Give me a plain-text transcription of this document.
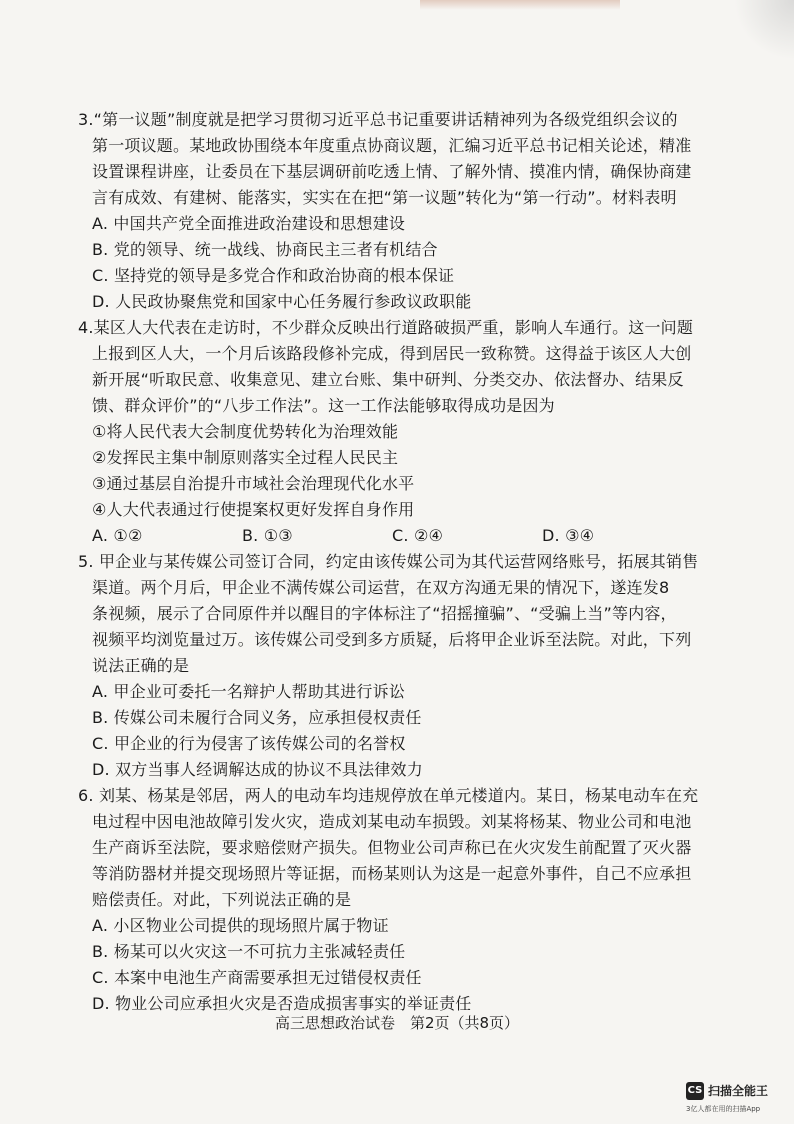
3.“第一议题”制度就是把学习贯彻习近平总书记重要讲话精神列为各级党组织会议的
第一项议题。某地政协围绕本年度重点协商议题，汇编习近平总书记相关论述，精准
设置课程讲座，让委员在下基层调研前吃透上情、了解外情、摸准内情，确保协商建
言有成效、有建树、能落实，实实在在把“第一议题”转化为“第一行动”。材料表明
A. 中国共产党全面推进政治建设和思想建设
B. 党的领导、统一战线、协商民主三者有机结合
C. 坚持党的领导是多党合作和政治协商的根本保证
D. 人民政协聚焦党和国家中心任务履行参政议政职能
4.某区人大代表在走访时，不少群众反映出行道路破损严重，影响人车通行。这一问题
上报到区人大，一个月后该路段修补完成，得到居民一致称赞。这得益于该区人大创
新开展“听取民意、收集意见、建立台账、集中研判、分类交办、依法督办、结果反
馈、群众评价”的“八步工作法”。这一工作法能够取得成功是因为
①将人民代表大会制度优势转化为治理效能
②发挥民主集中制原则落实全过程人民民主
③通过基层自治提升市域社会治理现代化水平
④人大代表通过行使提案权更好发挥自身作用
A. ①②	B. ①③	C. ②④	D. ③④
5. 甲企业与某传媒公司签订合同，约定由该传媒公司为其代运营网络账号，拓展其销售
渠道。两个月后，甲企业不满传媒公司运营，在双方沟通无果的情况下，遂连发8
条视频，展示了合同原件并以醒目的字体标注了“招摇撞骗”、“受骗上当”等内容，
视频平均浏览量过万。该传媒公司受到多方质疑，后将甲企业诉至法院。对此，下列
说法正确的是
A. 甲企业可委托一名辩护人帮助其进行诉讼
B. 传媒公司未履行合同义务，应承担侵权责任
C. 甲企业的行为侵害了该传媒公司的名誉权
D. 双方当事人经调解达成的协议不具法律效力
6. 刘某、杨某是邻居，两人的电动车均违规停放在单元楼道内。某日，杨某电动车在充
电过程中因电池故障引发火灾，造成刘某电动车损毁。刘某将杨某、物业公司和电池
生产商诉至法院，要求赔偿财产损失。但物业公司声称已在火灾发生前配置了灭火器
等消防器材并提交现场照片等证据，而杨某则认为这是一起意外事件，自己不应承担
赔偿责任。对此，下列说法正确的是
A. 小区物业公司提供的现场照片属于物证
B. 杨某可以火灾这一不可抗力主张减轻责任
C. 本案中电池生产商需要承担无过错侵权责任
D. 物业公司应承担火灾是否造成损害事实的举证责任
高三思想政治试卷　第2页（共8页）
CS 扫描全能王
3亿人都在用的扫描App
